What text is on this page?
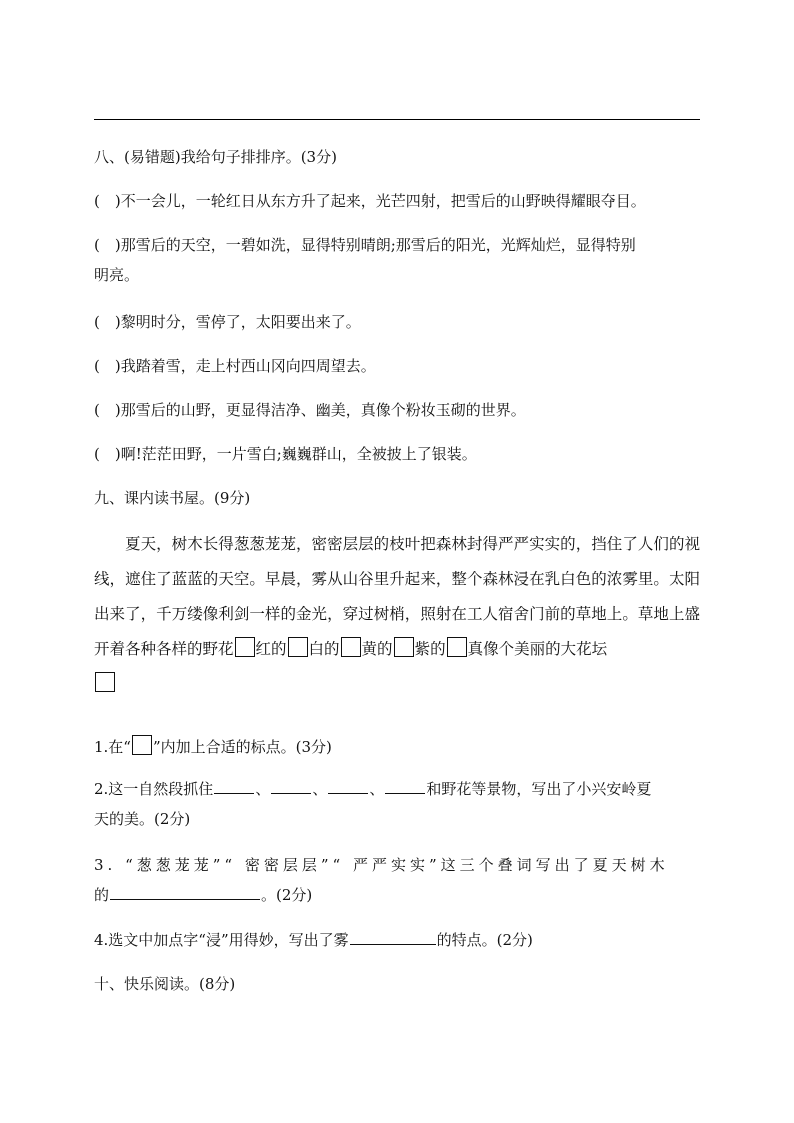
八、(易错题)我给句子排排序。(3分)
(　)不一会儿，一轮红日从东方升了起来，光芒四射，把雪后的山野映得耀眼夺目。
(　)那雪后的天空，一碧如洗，显得特别晴朗;那雪后的阳光，光辉灿烂，显得特别
明亮。
(　)黎明时分，雪停了，太阳要出来了。
(　)我踏着雪，走上村西山冈向四周望去。
(　)那雪后的山野，更显得洁净、幽美，真像个粉妆玉砌的世界。
(　)啊!茫茫田野，一片雪白;巍巍群山，全被披上了银装。
九、课内读书屋。(9分)
夏天，树木长得葱葱茏茏，密密层层的枝叶把森林封得严严实实的，挡住了人们的视线，遮住了蓝蓝的天空。早晨，雾从山谷里升起来，整个森林浸在乳白色的浓雾里。太阳出来了，千万缕像利剑一样的金光，穿过树梢，照射在工人宿舍门前的草地上。草地上盛开着各种各样的野花 红的 白的 黄的 紫的 真像个美丽的大花坛

1.在“ ”内加上合适的标点。(3分)
2.这一自然段抓住	、	、	、	和野花等景物，写出了小兴安岭夏
天的美。(2分)
3. “葱葱茏茏”“ 密密层层”“ 严严实实”这三个叠词写出了夏天树木
的	。(2分)
4.选文中加点字“浸”用得妙，写出了雾	的特点。(2分)
十、快乐阅读。(8分)
